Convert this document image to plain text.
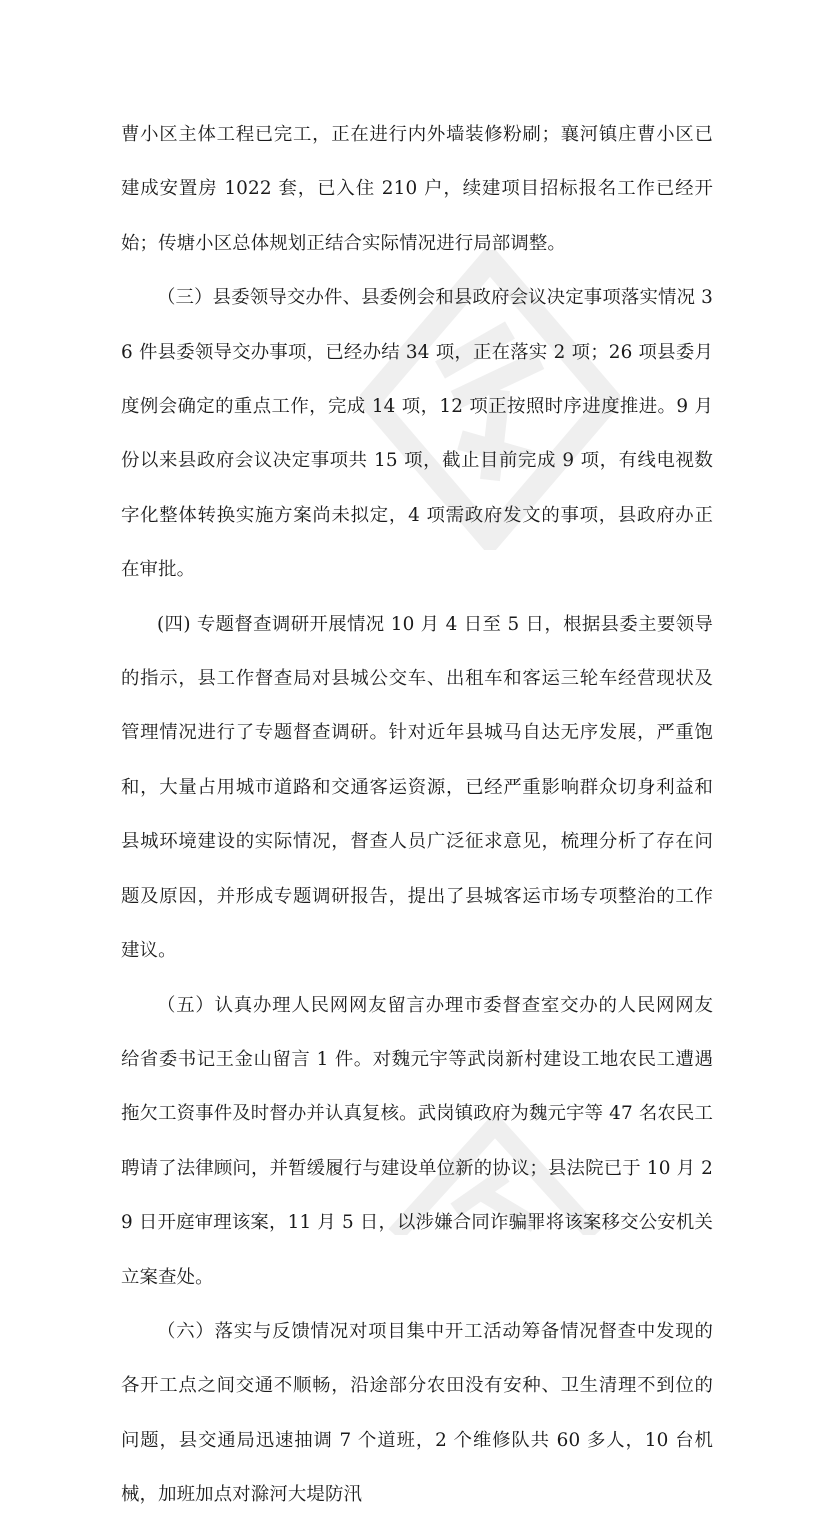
曹小区主体工程已完工，正在进行内外墙装修粉刷；襄河镇庄曹小区已建成安置房 1022 套，已入住 210 户，续建项目招标报名工作已经开始；传塘小区总体规划正结合实际情况进行局部调整。

（三）县委领导交办件、县委例会和县政府会议决定事项落实情况 36 件县委领导交办事项，已经办结 34 项，正在落实 2 项；26 项县委月度例会确定的重点工作，完成 14 项，12 项正按照时序进度推进。9 月份以来县政府会议决定事项共 15 项，截止目前完成 9 项，有线电视数字化整体转换实施方案尚未拟定，4 项需政府发文的事项，县政府办正在审批。

(四) 专题督查调研开展情况 10 月 4 日至 5 日，根据县委主要领导的指示，县工作督查局对县城公交车、出租车和客运三轮车经营现状及管理情况进行了专题督查调研。针对近年县城马自达无序发展，严重饱和，大量占用城市道路和交通客运资源，已经严重影响群众切身利益和县城环境建设的实际情况，督查人员广泛征求意见，梳理分析了存在问题及原因，并形成专题调研报告，提出了县城客运市场专项整治的工作建议。

（五）认真办理人民网网友留言办理市委督查室交办的人民网网友给省委书记王金山留言 1 件。对魏元宇等武岗新村建设工地农民工遭遇拖欠工资事件及时督办并认真复核。武岗镇政府为魏元宇等 47 名农民工聘请了法律顾问，并暂缓履行与建设单位新的协议；县法院已于 10 月 29 日开庭审理该案，11 月 5 日，以涉嫌合同诈骗罪将该案移交公安机关立案查处。

（六）落实与反馈情况对项目集中开工活动筹备情况督查中发现的各开工点之间交通不顺畅，沿途部分农田没有安种、卫生清理不到位的问题，县交通局迅速抽调 7 个道班，2 个维修队共 60 多人，10 台机械，加班加点对滁河大堤防汛
